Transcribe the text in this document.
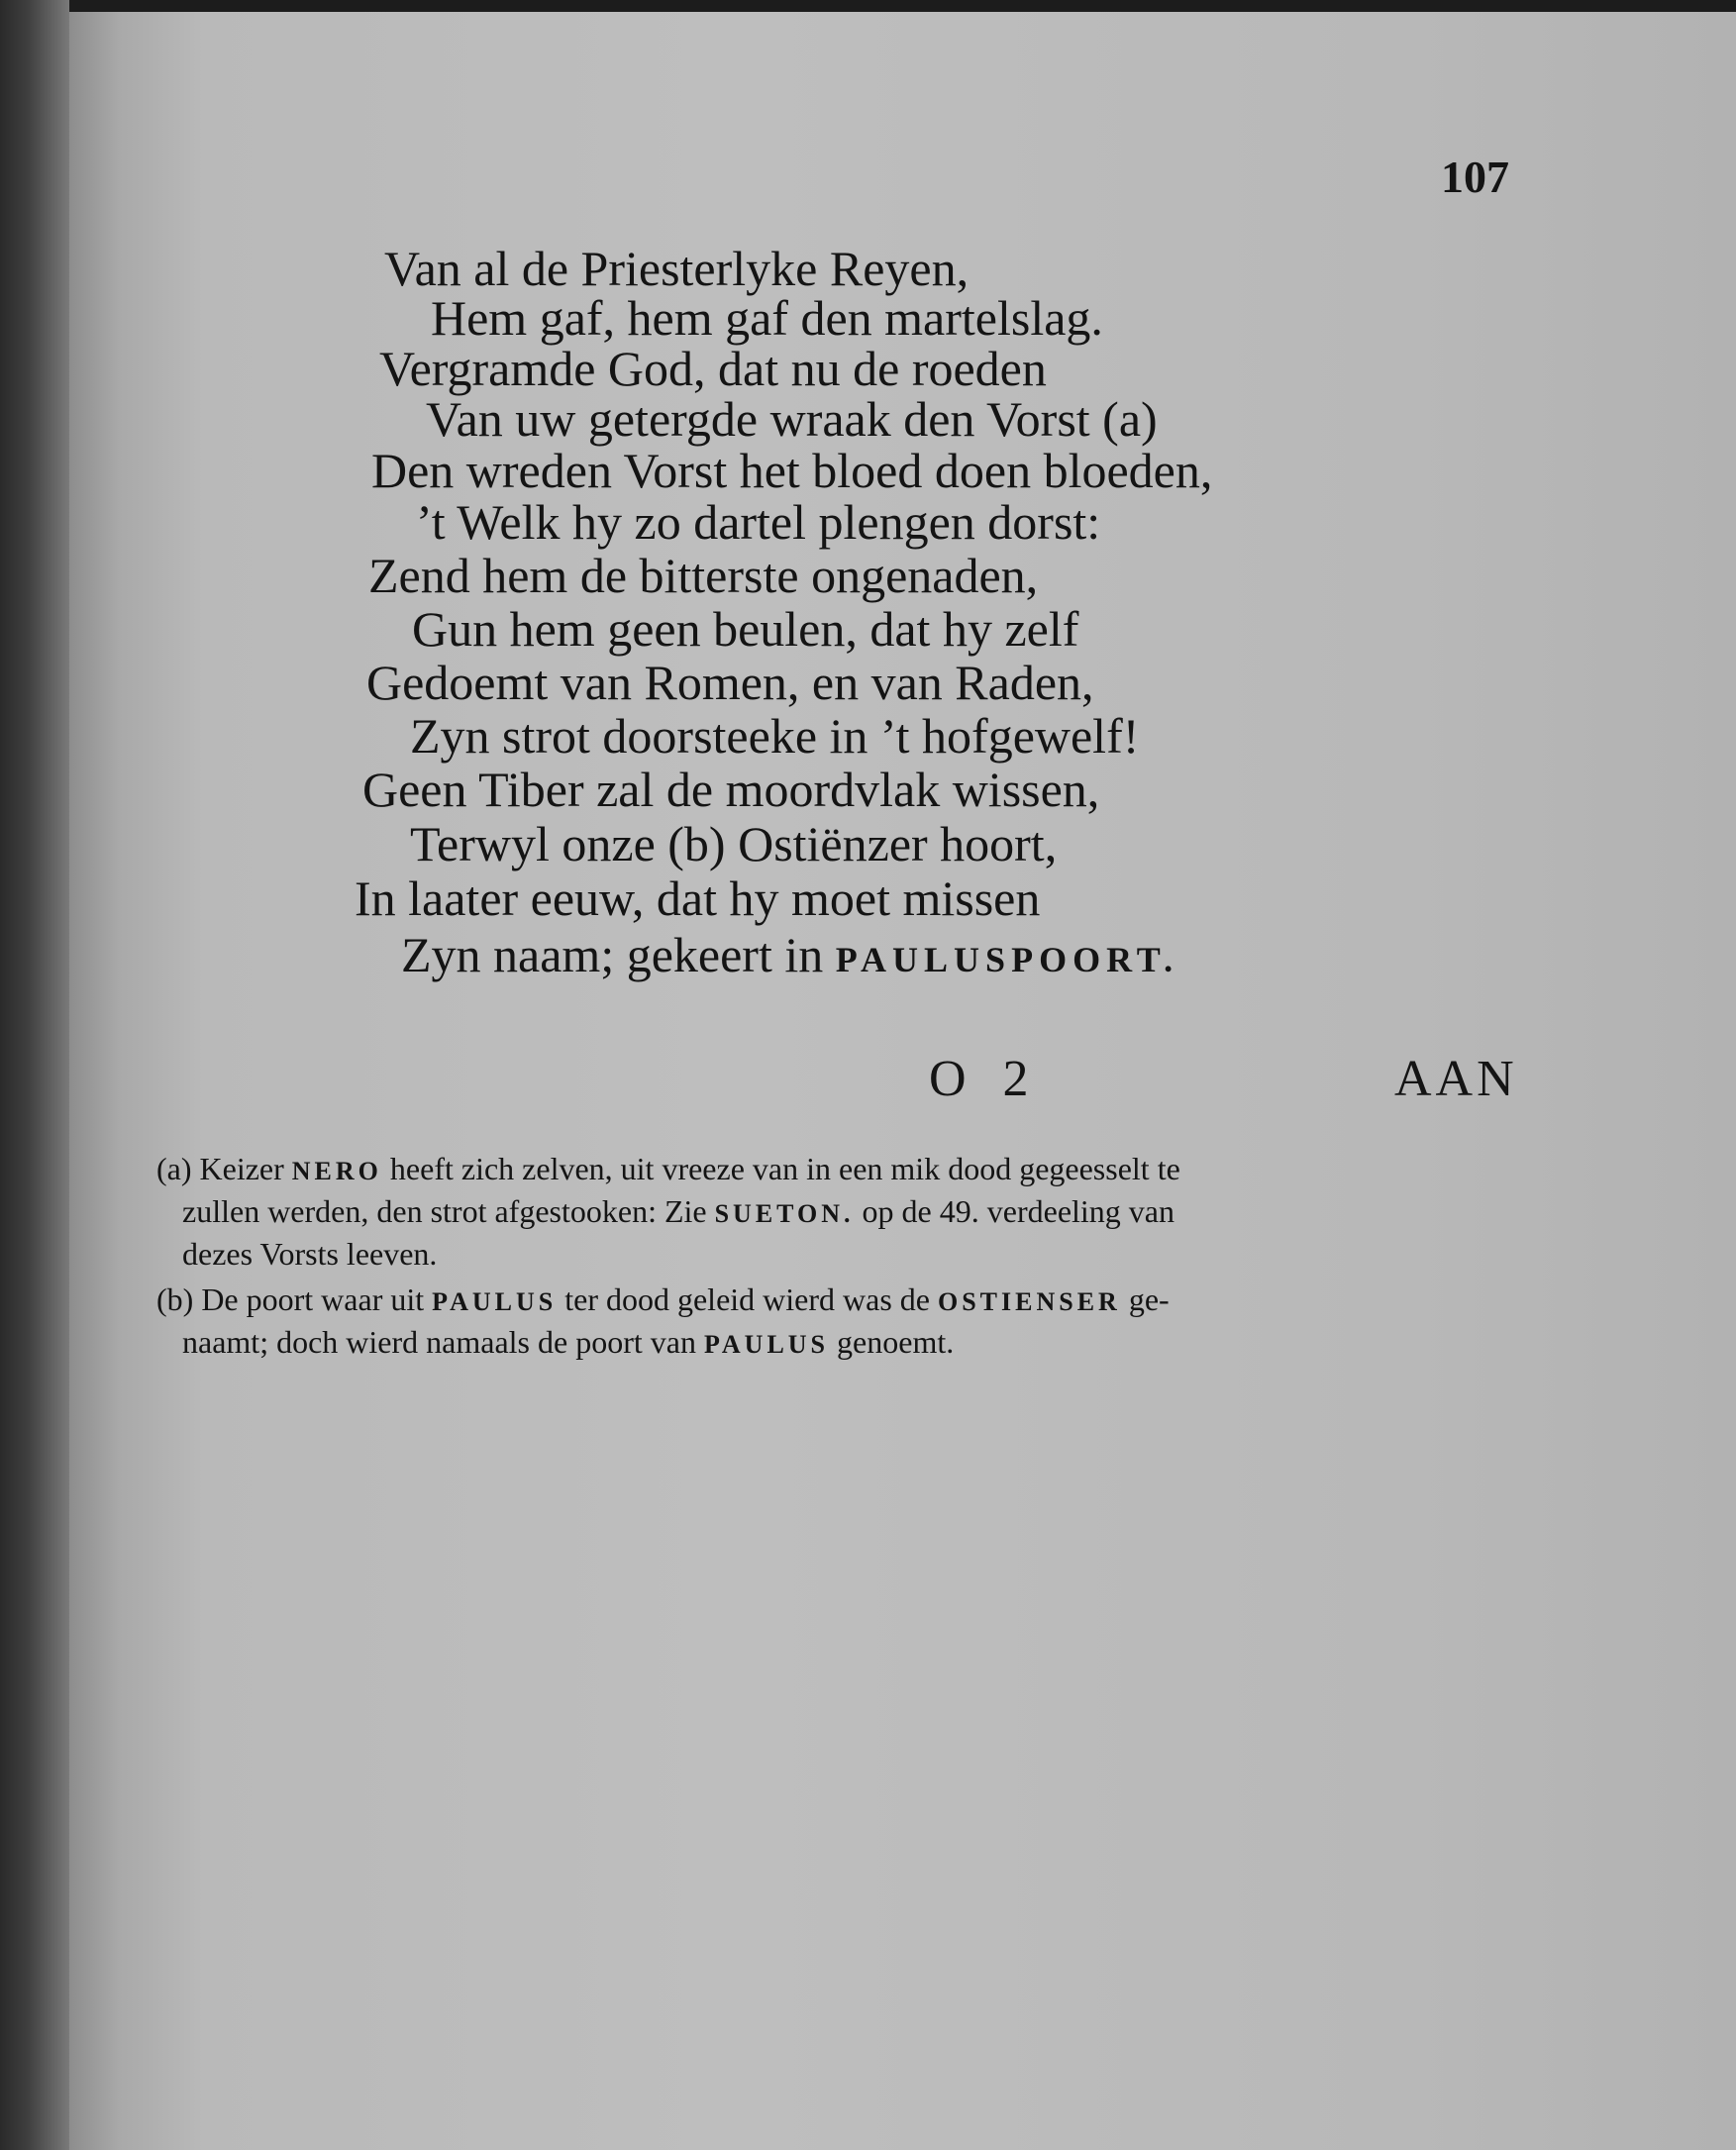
107
Van al de Priesterlyke Reyen,
Hem gaf, hem gaf den martelslag.
Vergramde God, dat nu de roeden
Van uw getergde wraak den Vorst (a)
Den wreden Vorst het bloed doen bloeden,
’t Welk hy zo dartel plengen dorst:
Zend hem de bitterste ongenaden,
Gun hem geen beulen, dat hy zelf
Gedoemt van Romen, en van Raden,
Zyn strot doorsteeke in ’t hofgewelf!
Geen Tiber zal de moordvlak wissen,
Terwyl onze (b) Ostiënzer hoort,
In laater eeuw, dat hy moet missen
Zyn naam; gekeert in PAULUSPOORT.
O 2	AAN
(a) Keizer NERO heeft zich zelven, uit vreeze van in een mik dood gegeesselt te
zullen werden, den strot afgestooken: Zie SUETON. op de 49. verdeeling van
dezes Vorsts leeven.
(b) De poort waar uit PAULUS ter dood geleid wierd was de OSTIENSER ge-
naamt; doch wierd namaals de poort van PAULUS genoemt.
